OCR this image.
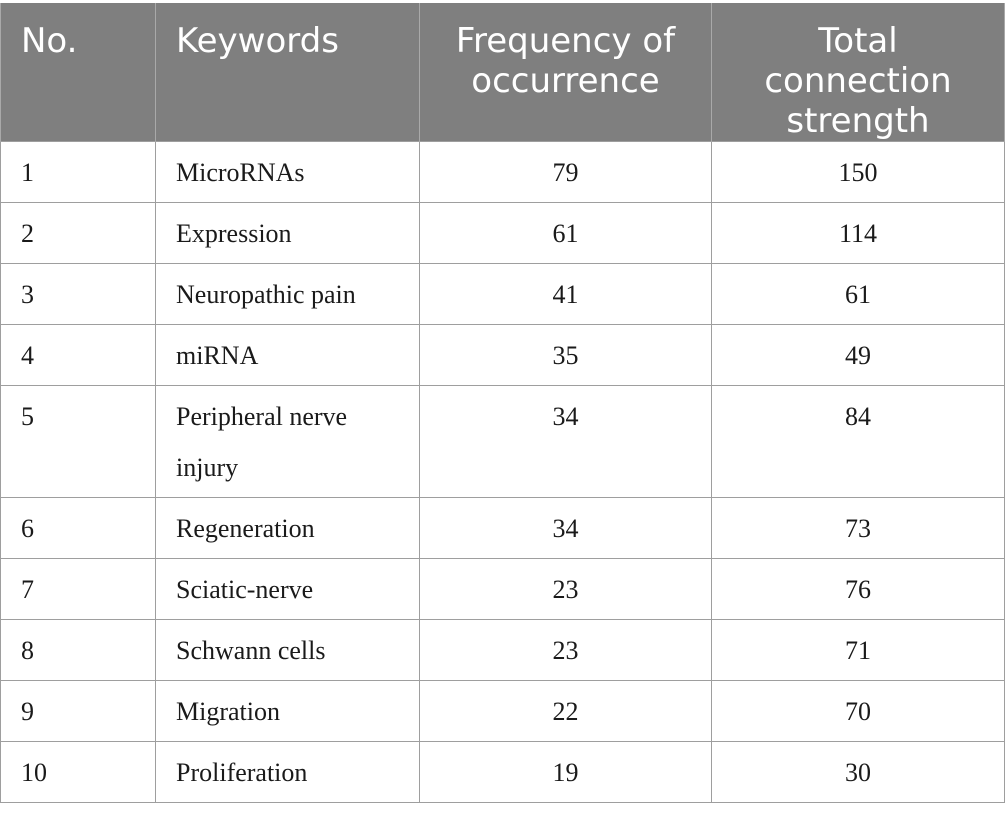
No.	Keywords	Frequency of occurrence	Total connection strength
1	MicroRNAs	79	150
2	Expression	61	114
3	Neuropathic pain	41	61
4	miRNA	35	49
5	Peripheral nerve injury	34	84
6	Regeneration	34	73
7	Sciatic-nerve	23	76
8	Schwann cells	23	71
9	Migration	22	70
10	Proliferation	19	30
